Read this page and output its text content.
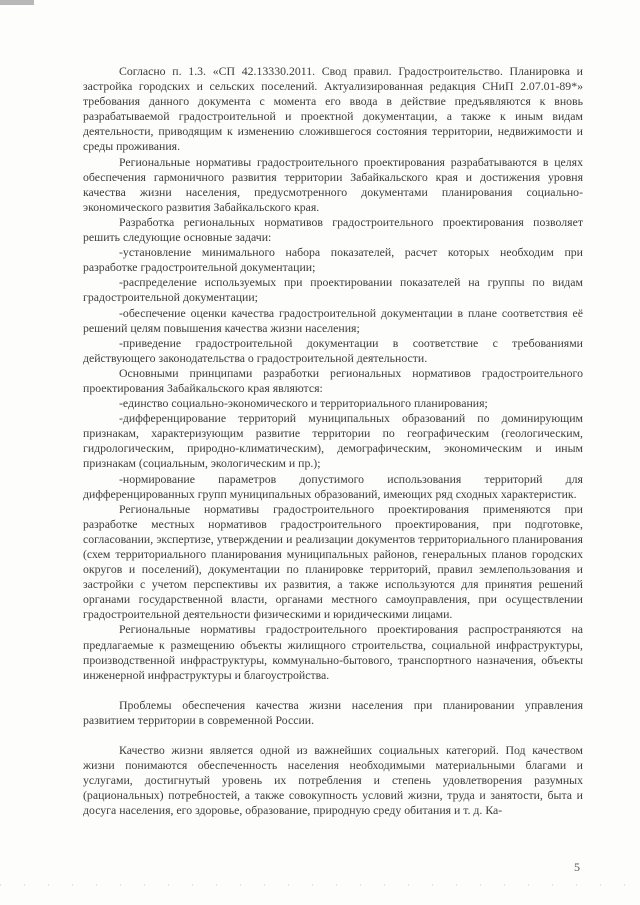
Согласно п. 1.3. «СП 42.13330.2011. Свод правил. Градостроительство. Планировка и застройка городских и сельских поселений. Актуализированная редакция СНиП 2.07.01-89*» требования данного документа с момента его ввода в действие предъявляются к вновь разрабатываемой градостроительной и проектной документации, а также к иным видам деятельности, приводящим к изменению сложившегося состояния территории, недвижимости и среды проживания.

Региональные нормативы градостроительного проектирования разрабатываются в целях обеспечения гармоничного развития территории Забайкальского края и достижения уровня качества жизни населения, предусмотренного документами планирования социально-экономического развития Забайкальского края.

Разработка региональных нормативов градостроительного проектирования позволяет решить следующие основные задачи:

-установление минимального набора показателей, расчет которых необходим при разработке градостроительной документации;

-распределение используемых при проектировании показателей на группы по видам градостроительной документации;

-обеспечение оценки качества градостроительной документации в плане соответствия её решений целям повышения качества жизни населения;

-приведение градостроительной документации в соответствие с требованиями действующего законодательства о градостроительной деятельности.

Основными принципами разработки региональных нормативов градостроительного проектирования Забайкальского края являются:

-единство социально-экономического и территориального планирования;

-дифференцирование территорий муниципальных образований по доминирующим признакам, характеризующим развитие территории по географическим (геологическим, гидрологическим, природно-климатическим), демографическим, экономическим и иным признакам (социальным, экологическим и пр.);

-нормирование параметров допустимого использования территорий для дифференцированных групп муниципальных образований, имеющих ряд сходных характеристик.

Региональные нормативы градостроительного проектирования применяются при разработке местных нормативов градостроительного проектирования, при подготовке, согласовании, экспертизе, утверждении и реализации документов территориального планирования (схем территориального планирования муниципальных районов, генеральных планов городских округов и поселений), документации по планировке территорий, правил землепользования и застройки с учетом перспективы их развития, а также используются для принятия решений органами государственной власти, органами местного самоуправления, при осуществлении градостроительной деятельности физическими и юридическими лицами.

Региональные нормативы градостроительного проектирования распространяются на предлагаемые к размещению объекты жилищного строительства, социальной инфраструктуры, производственной инфраструктуры, коммунально-бытового, транспортного назначения, объекты инженерной инфраструктуры и благоустройства.

Проблемы обеспечения качества жизни населения при планировании управления развитием территории в современной России.

Качество жизни является одной из важнейших социальных категорий. Под качеством жизни понимаются обеспеченность населения необходимыми материальными благами и услугами, достигнутый уровень их потребления и степень удовлетворения разумных (рациональных) потребностей, а также совокупность условий жизни, труда и занятости, быта и досуга населения, его здоровье, образование, природную среду обитания и т. д. Ка-

5
